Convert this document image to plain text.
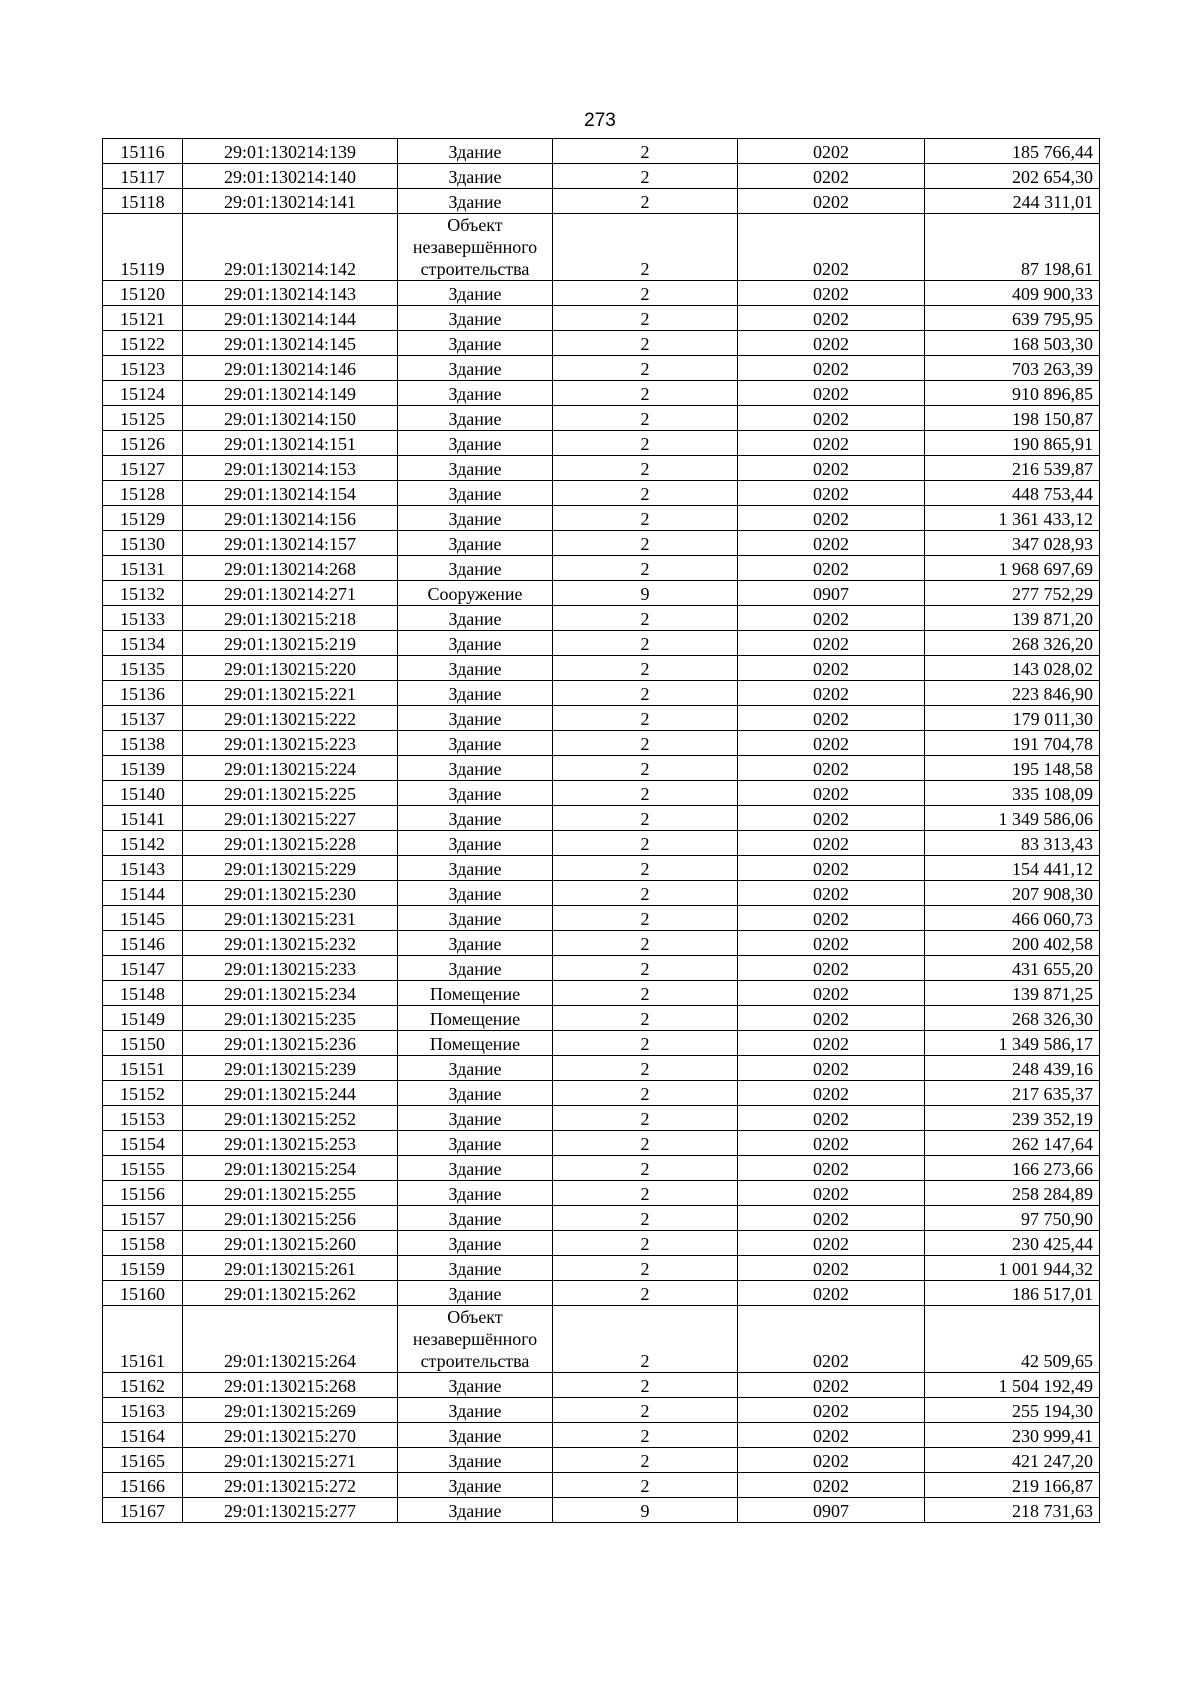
273
15116	29:01:130214:139	Здание	2	0202	185 766,44
15117	29:01:130214:140	Здание	2	0202	202 654,30
15118	29:01:130214:141	Здание	2	0202	244 311,01
15119	29:01:130214:142	Объект незавершённого строительства	2	0202	87 198,61
15120	29:01:130214:143	Здание	2	0202	409 900,33
15121	29:01:130214:144	Здание	2	0202	639 795,95
15122	29:01:130214:145	Здание	2	0202	168 503,30
15123	29:01:130214:146	Здание	2	0202	703 263,39
15124	29:01:130214:149	Здание	2	0202	910 896,85
15125	29:01:130214:150	Здание	2	0202	198 150,87
15126	29:01:130214:151	Здание	2	0202	190 865,91
15127	29:01:130214:153	Здание	2	0202	216 539,87
15128	29:01:130214:154	Здание	2	0202	448 753,44
15129	29:01:130214:156	Здание	2	0202	1 361 433,12
15130	29:01:130214:157	Здание	2	0202	347 028,93
15131	29:01:130214:268	Здание	2	0202	1 968 697,69
15132	29:01:130214:271	Сооружение	9	0907	277 752,29
15133	29:01:130215:218	Здание	2	0202	139 871,20
15134	29:01:130215:219	Здание	2	0202	268 326,20
15135	29:01:130215:220	Здание	2	0202	143 028,02
15136	29:01:130215:221	Здание	2	0202	223 846,90
15137	29:01:130215:222	Здание	2	0202	179 011,30
15138	29:01:130215:223	Здание	2	0202	191 704,78
15139	29:01:130215:224	Здание	2	0202	195 148,58
15140	29:01:130215:225	Здание	2	0202	335 108,09
15141	29:01:130215:227	Здание	2	0202	1 349 586,06
15142	29:01:130215:228	Здание	2	0202	83 313,43
15143	29:01:130215:229	Здание	2	0202	154 441,12
15144	29:01:130215:230	Здание	2	0202	207 908,30
15145	29:01:130215:231	Здание	2	0202	466 060,73
15146	29:01:130215:232	Здание	2	0202	200 402,58
15147	29:01:130215:233	Здание	2	0202	431 655,20
15148	29:01:130215:234	Помещение	2	0202	139 871,25
15149	29:01:130215:235	Помещение	2	0202	268 326,30
15150	29:01:130215:236	Помещение	2	0202	1 349 586,17
15151	29:01:130215:239	Здание	2	0202	248 439,16
15152	29:01:130215:244	Здание	2	0202	217 635,37
15153	29:01:130215:252	Здание	2	0202	239 352,19
15154	29:01:130215:253	Здание	2	0202	262 147,64
15155	29:01:130215:254	Здание	2	0202	166 273,66
15156	29:01:130215:255	Здание	2	0202	258 284,89
15157	29:01:130215:256	Здание	2	0202	97 750,90
15158	29:01:130215:260	Здание	2	0202	230 425,44
15159	29:01:130215:261	Здание	2	0202	1 001 944,32
15160	29:01:130215:262	Здание	2	0202	186 517,01
15161	29:01:130215:264	Объект незавершённого строительства	2	0202	42 509,65
15162	29:01:130215:268	Здание	2	0202	1 504 192,49
15163	29:01:130215:269	Здание	2	0202	255 194,30
15164	29:01:130215:270	Здание	2	0202	230 999,41
15165	29:01:130215:271	Здание	2	0202	421 247,20
15166	29:01:130215:272	Здание	2	0202	219 166,87
15167	29:01:130215:277	Здание	9	0907	218 731,63
